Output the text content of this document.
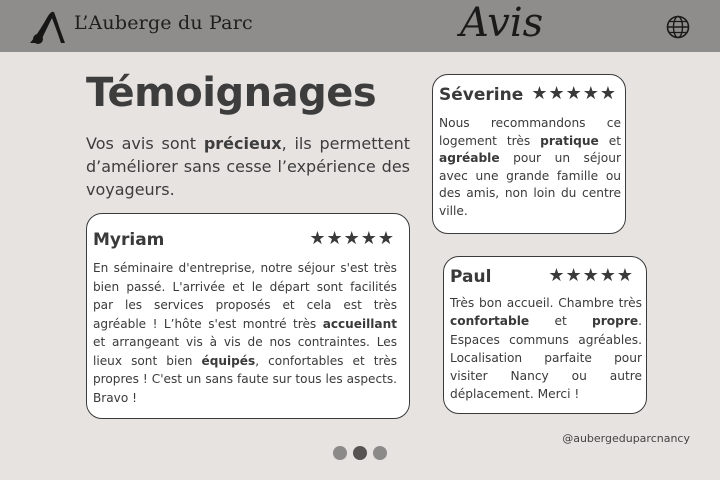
L’Auberge du Parc	Avis
Témoignages

Vos avis sont précieux, ils permettent d’améliorer sans cesse l’expérience des voyageurs.

Séverine ★★★★★

Nous recommandons ce logement très pratique et agréable pour un séjour avec une grande famille ou des amis, non loin du centre ville.

Myriam	★★★★★

En séminaire d'entreprise, notre séjour s'est très bien passé. L'arrivée et le départ sont facilités par les services proposés et cela est très agréable ! L’hôte s'est montré très accueillant et arrangeant vis à vis de nos contraintes. Les lieux sont bien équipés, confortables et très propres ! C'est un sans faute sur tous les aspects. Bravo !

Paul	★★★★★

Très bon accueil. Chambre très confortable et propre. Espaces communs agréables. Localisation parfaite pour visiter Nancy ou autre déplacement. Merci !

@aubergeduparcnancy
